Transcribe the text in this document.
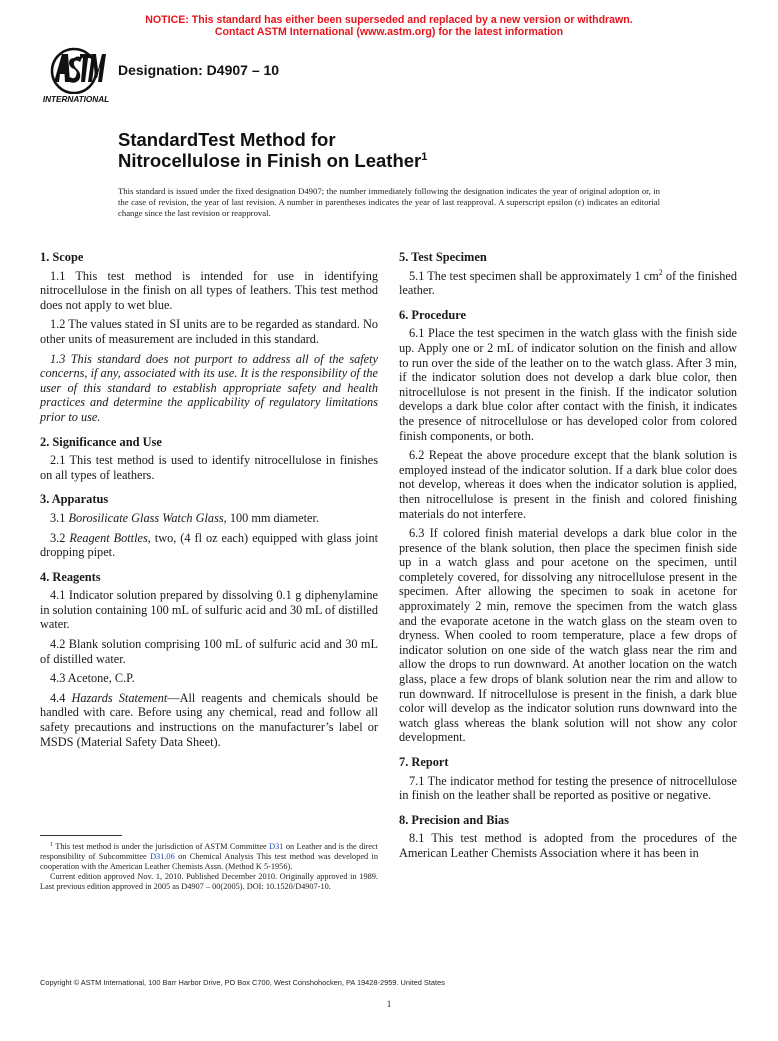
NOTICE: This standard has either been superseded and replaced by a new version or withdrawn.
Contact ASTM International (www.astm.org) for the latest information
INTERNATIONAL
Designation: D4907 – 10
StandardTest Method for
Nitrocellulose in Finish on Leather$^1$
This standard is issued under the fixed designation D4907; the number immediately following the designation indicates the year of original adoption or, in the case of revision, the year of last revision. A number in parentheses indicates the year of last reapproval. A superscript epsilon (ε) indicates an editorial change since the last revision or reapproval.
1. Scope

1.1 This test method is intended for use in identifying nitrocellulose in the finish on all types of leathers. This test method does not apply to wet blue.

1.2 The values stated in SI units are to be regarded as standard. No other units of measurement are included in this standard.

1.3 This standard does not purport to address all of the safety concerns, if any, associated with its use. It is the responsibility of the user of this standard to establish appropriate safety and health practices and determine the applicability of regulatory limitations prior to use.

2. Significance and Use

2.1 This test method is used to identify nitrocellulose in finishes on all types of leathers.

3. Apparatus

3.1 Borosilicate Glass Watch Glass, 100 mm diameter.

3.2 Reagent Bottles, two, (4 fl oz each) equipped with glass joint dropping pipet.

4. Reagents

4.1 Indicator solution prepared by dissolving 0.1 g diphenylamine in solution containing 100 mL of sulfuric acid and 30 mL of distilled water.

4.2 Blank solution comprising 100 mL of sulfuric acid and 30 mL of distilled water.

4.3 Acetone, C.P.

4.4 Hazards Statement—All reagents and chemicals should be handled with care. Before using any chemical, read and follow all safety precautions and instructions on the manufacturer’s label or MSDS (Material Safety Data Sheet).

5. Test Specimen

5.1 The test specimen shall be approximately 1 $cm^2$ of the finished leather.

6. Procedure

6.1 Place the test specimen in the watch glass with the finish side up. Apply one or 2 mL of indicator solution on the finish and allow to run over the side of the leather on to the watch glass. After 3 min, if the indicator solution does not develop a dark blue color, then nitrocellulose is not present in the finish. If the indicator solution develops a dark blue color after contact with the finish, it indicates the presence of nitrocellulose or has developed color from colored finish components, or both.

6.2 Repeat the above procedure except that the blank solution is employed instead of the indicator solution. If a dark blue color does not develop, whereas it does when the indicator solution is applied, then nitrocellulose is present in the finish and colored finishing materials do not interfere.

6.3 If colored finish material develops a dark blue color in the presence of the blank solution, then place the specimen finish side up in a watch glass and pour acetone on the specimen, until completely covered, for dissolving any nitrocellulose present in the specimen. After allowing the specimen to soak in acetone for approximately 2 min, remove the specimen from the watch glass and the evaporate acetone in the watch glass on the steam oven to dryness. When cooled to room temperature, place a few drops of indicator solution on one side of the watch glass near the rim and allow the drops to run downward. At another location on the watch glass, place a few drops of blank solution near the rim and allow to run downward. If nitrocellulose is present in the finish, a dark blue color will develop as the indicator solution runs downward into the watch glass whereas the blank solution will not show any color development.

7. Report

7.1 The indicator method for testing the presence of nitrocellulose in finish on the leather shall be reported as positive or negative.

8. Precision and Bias

8.1 This test method is adopted from the procedures of the American Leather Chemists Association where it has been in

$^1$ This test method is under the jurisdiction of ASTM Committee D31 on Leather and is the direct responsibility of Subcommittee D31.06 on Chemical Analysis This test method was developed in cooperation with the American Leather Chemists Assn. (Method K 5-1956).

Current edition approved Nov. 1, 2010. Published December 2010. Originally approved in 1989. Last previous edition approved in 2005 as D4907 – 00(2005). DOI: 10.1520/D4907-10.

Copyright © ASTM International, 100 Barr Harbor Drive, PO Box C700, West Conshohocken, PA 19428-2959. United States
1
